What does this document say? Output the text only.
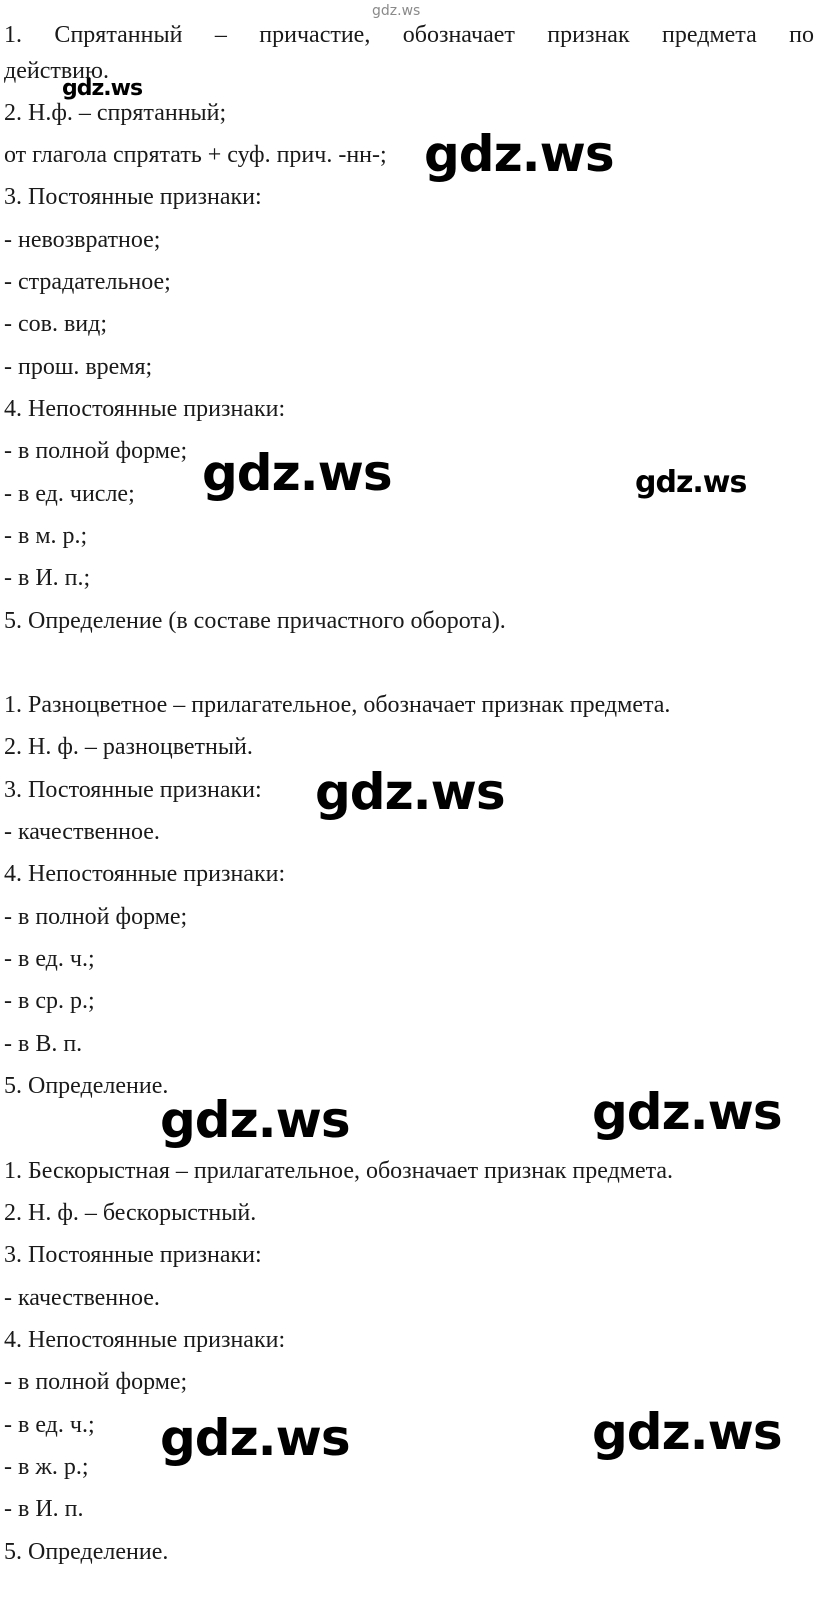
gdz.ws
1. Спрятанный – причастие, обозначает признак предмета по
действию.
2. Н.ф. – спрятанный;
от глагола спрятать + суф. прич. -нн-;
3. Постоянные признаки:
- невозвратное;
- страдательное;
- сов. вид;
- прош. время;
4. Непостоянные признаки:
- в полной форме;
- в ед. числе;
- в м. р.;
- в И. п.;
5. Определение (в составе причастного оборота).
1. Разноцветное – прилагательное, обозначает признак предмета.
2. Н. ф. – разноцветный.
3. Постоянные признаки:
- качественное.
4. Непостоянные признаки:
- в полной форме;
- в ед. ч.;
- в ср. р.;
- в В. п.
5. Определение.
1. Бескорыстная – прилагательное, обозначает признак предмета.
2. Н. ф. – бескорыстный.
3. Постоянные признаки:
- качественное.
4. Непостоянные признаки:
- в полной форме;
- в ед. ч.;
- в ж. р.;
- в И. п.
5. Определение.
gdz.ws
gdz.ws
gdz.ws	gdz.ws
gdz.ws
gdz.ws	gdz.ws
gdz.ws	gdz.ws
